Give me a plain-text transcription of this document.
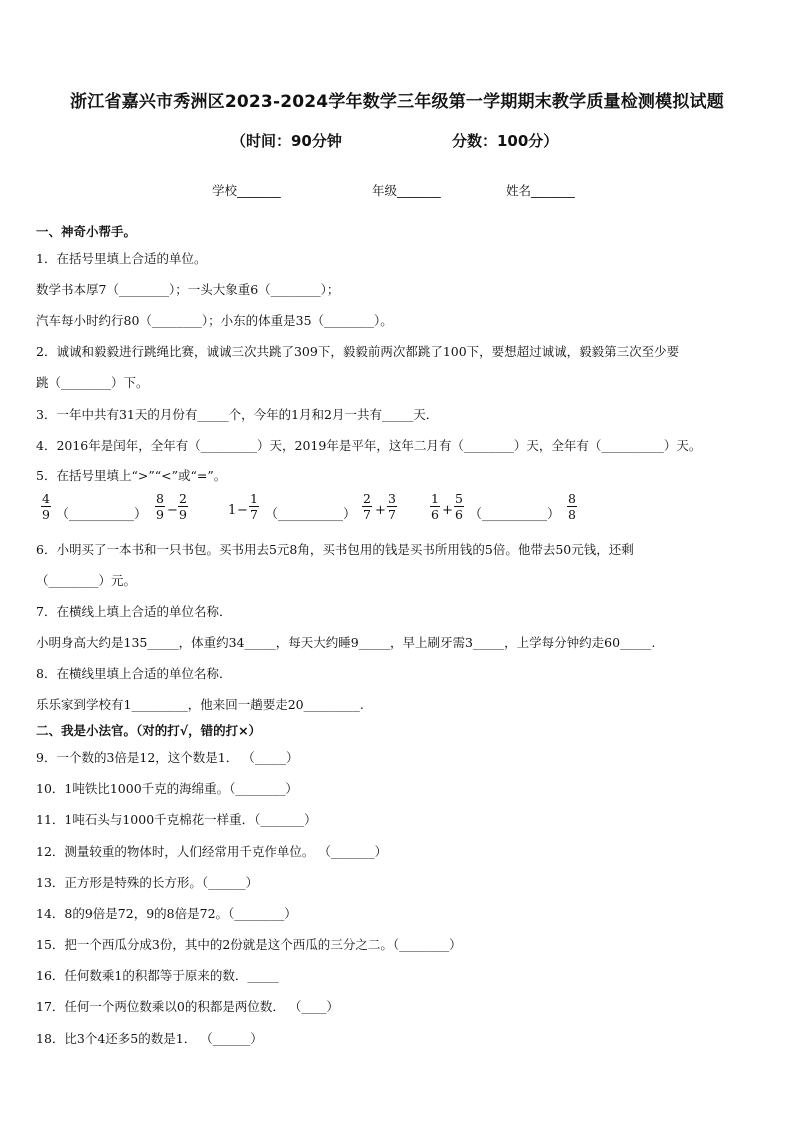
浙江省嘉兴市秀洲区2023-2024学年数学三年级第一学期期末教学质量检测模拟试题
（时间：90分钟	分数：100分）
学校_______	年级_______	姓名_______
一、神奇小帮手。
1．在括号里填上合适的单位。
数学书本厚7（________）；一头大象重6（________）；
汽车每小时约行80（________）；小东的体重是35（________）。
2．诚诚和毅毅进行跳绳比赛，诚诚三次共跳了309下，毅毅前两次都跳了100下，要想超过诚诚，毅毅第三次至少要
跳（________）下。
3．一年中共有31天的月份有_____个，今年的1月和2月一共有_____天．
4．2016年是闰年，全年有（_________）天，2019年是平年，这年二月有（________）天，全年有（__________）天。
5．在括号里填上“>”“<”或“=”。
4
9 （__________）
8
9 −
2
9	1 −
1
7 （__________）
2
7 +
3
7
1
6 +
5
6 （__________）
8
8
6．小明买了一本书和一只书包。买书用去5元8角，买书包用的钱是买书所用钱的5倍。他带去50元钱，还剩
（________）元。
7．在横线上填上合适的单位名称．
小明身高大约是135_____，体重约34_____，每天大约睡9_____，早上刷牙需3_____，上学每分钟约走60_____.
8．在横线里填上合适的单位名称．
乐乐家到学校有1_________，他来回一趟要走20_________.
二、我是小法官。（对的打√，错的打×）
9．一个数的3倍是12，这个数是1． （_____）
10．1吨铁比1000千克的海绵重。（________）
11．1吨石头与1000千克棉花一样重．（_______）
12．测量较重的物体时，人们经常用千克作单位。 （_______）
13．正方形是特殊的长方形。（______）
14．8的9倍是72，9的8倍是72。（________）
15．把一个西瓜分成3份，其中的2份就是这个西瓜的三分之二。（________）
16．任何数乘1的积都等于原来的数．_____
17．任何一个两位数乘以0的积都是两位数． （____）
18．比3个4还多5的数是1． （______）
